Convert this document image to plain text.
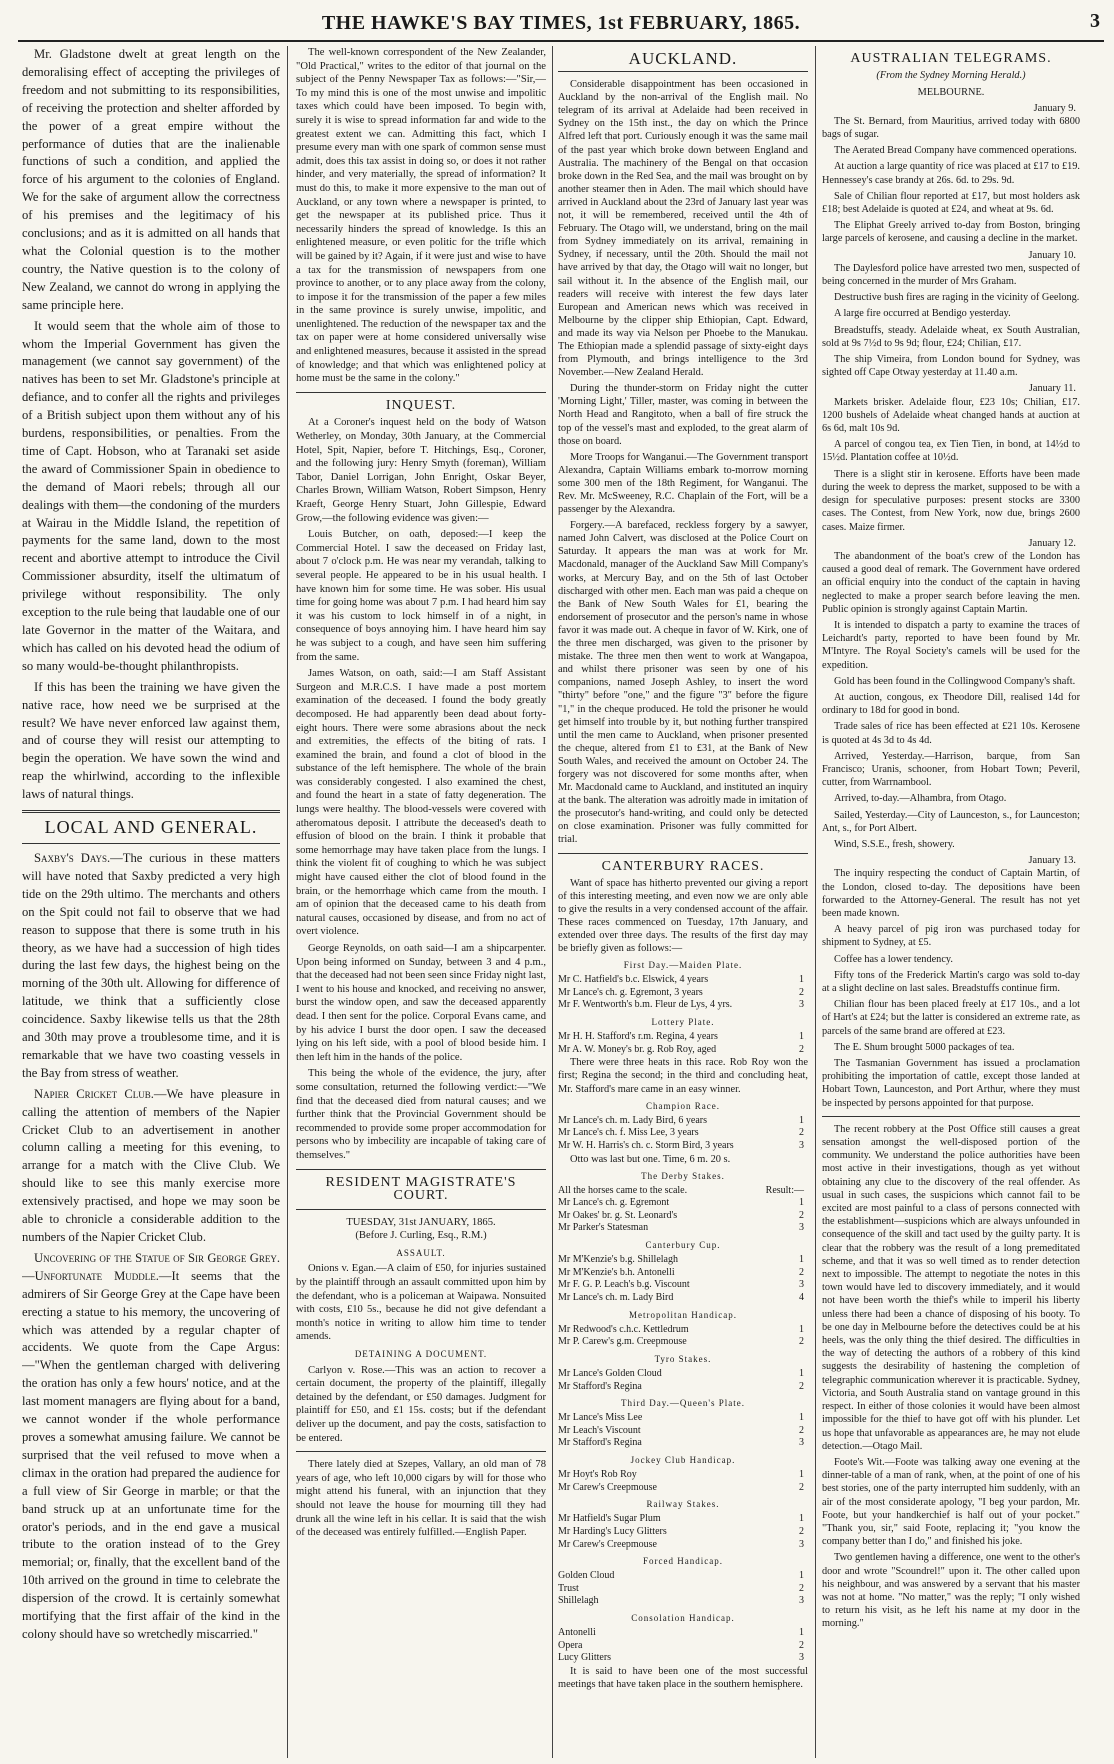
THE HAWKE'S BAY TIMES, 1st FEBRUARY, 1865.	3

Mr. Gladstone dwelt at great length on the demoralising effect of accepting the privileges of freedom and not submitting to its responsibilities, of receiving the protection and shelter afforded by the power of a great empire without the performance of duties that are the inalienable functions of such a condition, and applied the force of his argument to the colonies of England. We for the sake of argument allow the correctness of his premises and the legitimacy of his conclusions; and as it is admitted on all hands that what the Colonial question is to the mother country, the Native question is to the colony of New Zealand, we cannot do wrong in applying the same principle here.

It would seem that the whole aim of those to whom the Imperial Government has given the management (we cannot say government) of the natives has been to set Mr. Gladstone's principle at defiance, and to confer all the rights and privileges of a British subject upon them without any of his burdens, responsibilities, or penalties. From the time of Capt. Hobson, who at Taranaki set aside the award of Commissioner Spain in obedience to the demand of Maori rebels; through all our dealings with them—the condoning of the murders at Wairau in the Middle Island, the repetition of payments for the same land, down to the most recent and abortive attempt to introduce the Civil Commissioner absurdity, itself the ultimatum of privilege without responsibility. The only exception to the rule being that laudable one of our late Governor in the matter of the Waitara, and which has called on his devoted head the odium of so many would-be-thought philanthropists.

If this has been the training we have given the native race, how need we be surprised at the result? We have never enforced law against them, and of course they will resist our attempting to begin the operation. We have sown the wind and reap the whirlwind, according to the inflexible laws of natural things.

LOCAL AND GENERAL.

Saxby's Days.—The curious in these matters will have noted that Saxby predicted a very high tide on the 29th ultimo. The merchants and others on the Spit could not fail to observe that we had reason to suppose that there is some truth in his theory, as we have had a succession of high tides during the last few days, the highest being on the morning of the 30th ult. Allowing for difference of latitude, we think that a sufficiently close coincidence. Saxby likewise tells us that the 28th and 30th may prove a troublesome time, and it is remarkable that we have two coasting vessels in the Bay from stress of weather.

Napier Cricket Club.—We have pleasure in calling the attention of members of the Napier Cricket Club to an advertisement in another column calling a meeting for this evening, to arrange for a match with the Clive Club. We should like to see this manly exercise more extensively practised, and hope we may soon be able to chronicle a considerable addition to the numbers of the Napier Cricket Club.

Uncovering of the Statue of Sir George Grey.—Unfortunate Muddle.—It seems that the admirers of Sir George Grey at the Cape have been erecting a statue to his memory, the uncovering of which was attended by a regular chapter of accidents. We quote from the Cape Argus:—"When the gentleman charged with delivering the oration has only a few hours' notice, and at the last moment managers are flying about for a band, we cannot wonder if the whole performance proves a somewhat amusing failure. We cannot be surprised that the veil refused to move when a climax in the oration had prepared the audience for a full view of Sir George in marble; or that the band struck up at an unfortunate time for the orator's periods, and in the end gave a musical tribute to the oration instead of to the Grey memorial; or, finally, that the excellent band of the 10th arrived on the ground in time to celebrate the dispersion of the crowd. It is certainly somewhat mortifying that the first affair of the kind in the colony should have so wretchedly miscarried."

The well-known correspondent of the New Zealander, "Old Practical," writes to the editor of that journal on the subject of the Penny Newspaper Tax as follows:—"Sir,—To my mind this is one of the most unwise and impolitic taxes which could have been imposed. To begin with, surely it is wise to spread information far and wide to the greatest extent we can. Admitting this fact, which I presume every man with one spark of common sense must admit, does this tax assist in doing so, or does it not rather hinder, and very materially, the spread of information? It must do this, to make it more expensive to the man out of Auckland, or any town where a newspaper is printed, to get the newspaper at its published price. Thus it necessarily hinders the spread of knowledge. Is this an enlightened measure, or even politic for the trifle which will be gained by it? Again, if it were just and wise to have a tax for the transmission of newspapers from one province to another, or to any place away from the colony, to impose it for the transmission of the paper a few miles in the same province is surely unwise, impolitic, and unenlightened. The reduction of the newspaper tax and the tax on paper were at home considered universally wise and enlightened measures, because it assisted in the spread of knowledge; and that which was enlightened policy at home must be the same in the colony."

INQUEST.

At a Coroner's inquest held on the body of Watson Wetherley, on Monday, 30th January, at the Commercial Hotel, Spit, Napier, before T. Hitchings, Esq., Coroner, and the following jury: Henry Smyth (foreman), William Tabor, Daniel Lorrigan, John Enright, Oskar Beyer, Charles Brown, William Watson, Robert Simpson, Henry Kraeft, George Henry Stuart, John Gillespie, Edward Grow,—the following evidence was given:—

Louis Butcher, on oath, deposed:—I keep the Commercial Hotel. I saw the deceased on Friday last, about 7 o'clock p.m. He was near my verandah, talking to several people. He appeared to be in his usual health. I have known him for some time. He was sober. His usual time for going home was about 7 p.m. I had heard him say it was his custom to lock himself in of a night, in consequence of boys annoying him. I have heard him say he was subject to a cough, and have seen him suffering from the same.

James Watson, on oath, said:—I am Staff Assistant Surgeon and M.R.C.S. I have made a post mortem examination of the deceased. I found the body greatly decomposed. He had apparently been dead about forty-eight hours. There were some abrasions about the neck and extremities, the effects of the biting of rats. I examined the brain, and found a clot of blood in the substance of the left hemisphere. The whole of the brain was considerably congested. I also examined the chest, and found the heart in a state of fatty degeneration. The lungs were healthy. The blood-vessels were covered with atheromatous deposit. I attribute the deceased's death to effusion of blood on the brain. I think it probable that some hemorrhage may have taken place from the lungs. I think the violent fit of coughing to which he was subject might have caused either the clot of blood found in the brain, or the hemorrhage which came from the mouth. I am of opinion that the deceased came to his death from natural causes, occasioned by disease, and from no act of overt violence.

George Reynolds, on oath said—I am a shipcarpenter. Upon being informed on Sunday, between 3 and 4 p.m., that the deceased had not been seen since Friday night last, I went to his house and knocked, and receiving no answer, burst the window open, and saw the deceased apparently dead. I then sent for the police. Corporal Evans came, and by his advice I burst the door open. I saw the deceased lying on his left side, with a pool of blood beside him. I then left him in the hands of the police.

This being the whole of the evidence, the jury, after some consultation, returned the following verdict:—"We find that the deceased died from natural causes; and we further think that the Provincial Government should be recommended to provide some proper accommodation for persons who by imbecility are incapable of taking care of themselves."

RESIDENT MAGISTRATE'S COURT.
TUESDAY, 31st JANUARY, 1865.
(Before J. Curling, Esq., R.M.)
ASSAULT.

Onions v. Egan.—A claim of £50, for injuries sustained by the plaintiff through an assault committed upon him by the defendant, who is a policeman at Waipawa. Nonsuited with costs, £10 5s., because he did not give defendant a month's notice in writing to allow him time to tender amends.

DETAINING A DOCUMENT.

Carlyon v. Rose.—This was an action to recover a certain document, the property of the plaintiff, illegally detained by the defendant, or £50 damages. Judgment for plaintiff for £50, and £1 15s. costs; but if the defendant deliver up the document, and pay the costs, satisfaction to be entered.

There lately died at Szepes, Vallary, an old man of 78 years of age, who left 10,000 cigars by will for those who might attend his funeral, with an injunction that they should not leave the house for mourning till they had drunk all the wine left in his cellar. It is said that the wish of the deceased was entirely fulfilled.—English Paper.

AUCKLAND.

Considerable disappointment has been occasioned in Auckland by the non-arrival of the English mail. No telegram of its arrival at Adelaide had been received in Sydney on the 15th inst., the day on which the Prince Alfred left that port. Curiously enough it was the same mail of the past year which broke down between England and Australia. The machinery of the Bengal on that occasion broke down in the Red Sea, and the mail was brought on by another steamer then in Aden. The mail which should have arrived in Auckland about the 23rd of January last year was not, it will be remembered, received until the 4th of February. The Otago will, we understand, bring on the mail from Sydney immediately on its arrival, remaining in Sydney, if necessary, until the 20th. Should the mail not have arrived by that day, the Otago will wait no longer, but sail without it. In the absence of the English mail, our readers will receive with interest the few days later European and American news which was received in Melbourne by the clipper ship Ethiopian, Capt. Edward, and made its way via Nelson per Phoebe to the Manukau. The Ethiopian made a splendid passage of sixty-eight days from Plymouth, and brings intelligence to the 3rd November.—New Zealand Herald.

During the thunder-storm on Friday night the cutter 'Morning Light,' Tiller, master, was coming in between the North Head and Rangitoto, when a ball of fire struck the top of the vessel's mast and exploded, to the great alarm of those on board.

More Troops for Wanganui.—The Government transport Alexandra, Captain Williams embark to-morrow morning some 300 men of the 18th Regiment, for Wanganui. The Rev. Mr. McSweeney, R.C. Chaplain of the Fort, will be a passenger by the Alexandra.

Forgery.—A barefaced, reckless forgery by a sawyer, named John Calvert, was disclosed at the Police Court on Saturday. It appears the man was at work for Mr. Macdonald, manager of the Auckland Saw Mill Company's works, at Mercury Bay, and on the 5th of last October discharged with other men. Each man was paid a cheque on the Bank of New South Wales for £1, bearing the endorsement of prosecutor and the person's name in whose favor it was made out. A cheque in favor of W. Kirk, one of the three men discharged, was given to the prisoner by mistake. The three men then went to work at Wangapoa, and whilst there prisoner was seen by one of his companions, named Joseph Ashley, to insert the word "thirty" before "one," and the figure "3" before the figure "1," in the cheque produced. He told the prisoner he would get himself into trouble by it, but nothing further transpired until the men came to Auckland, when prisoner presented the cheque, altered from £1 to £31, at the Bank of New South Wales, and received the amount on October 24. The forgery was not discovered for some months after, when Mr. Macdonald came to Auckland, and instituted an inquiry at the bank. The alteration was adroitly made in imitation of the prosecutor's hand-writing, and could only be detected on close examination. Prisoner was fully committed for trial.

CANTERBURY RACES.

Want of space has hitherto prevented our giving a report of this interesting meeting, and even now we are only able to give the results in a very condensed account of the affair. These races commenced on Tuesday, 17th January, and extended over three days. The results of the first day may be briefly given as follows:—

First Day.—Maiden Plate.
Mr C. Hatfield's b.c. Elswick, 4 years	1
Mr Lance's ch. g. Egremont, 3 years	2
Mr F. Wentworth's b.m. Fleur de Lys, 4 yrs.	3
Lottery Plate.
Mr H. H. Stafford's r.m. Regina, 4 years	1
Mr A. W. Money's br. g. Rob Roy, aged	2

There were three heats in this race. Rob Roy won the first; Regina the second; in the third and concluding heat, Mr. Stafford's mare came in an easy winner.

Champion Race.
Mr Lance's ch. m. Lady Bird, 6 years	1
Mr Lance's ch. f. Miss Lee, 3 years	2
Mr W. H. Harris's ch. c. Storm Bird, 3 years	3

Otto was last but one. Time, 6 m. 20 s.

The Derby Stakes.
All the horses came to the scale.	Result:—
Mr Lance's ch. g. Egremont	1
Mr Oakes' br. g. St. Leonard's	2
Mr Parker's Statesman	3
Canterbury Cup.
Mr M'Kenzie's b.g. Shillelagh	1
Mr M'Kenzie's b.h. Antonelli	2
Mr F. G. P. Leach's b.g. Viscount	3
Mr Lance's ch. m. Lady Bird	4
Metropolitan Handicap.
Mr Redwood's c.h.c. Kettledrum	1
Mr P. Carew's g.m. Creepmouse	2
Tyro Stakes.
Mr Lance's Golden Cloud	1
Mr Stafford's Regina	2
Third Day.—Queen's Plate.
Mr Lance's Miss Lee	1
Mr Leach's Viscount	2
Mr Stafford's Regina	3
Jockey Club Handicap.
Mr Hoyt's Rob Roy	1
Mr Carew's Creepmouse	2
Railway Stakes.
Mr Hatfield's Sugar Plum	1
Mr Harding's Lucy Glitters	2
Mr Carew's Creepmouse	3
Forced Handicap.
Golden Cloud	1
Trust	2
Shillelagh	3
Consolation Handicap.
Antonelli	1
Opera	2
Lucy Glitters	3

It is said to have been one of the most successful meetings that have taken place in the southern hemisphere.

AUSTRALIAN TELEGRAMS.
(From the Sydney Morning Herald.)
MELBOURNE.
January 9.

The St. Bernard, from Mauritius, arrived today with 6800 bags of sugar.

The Aerated Bread Company have commenced operations.

At auction a large quantity of rice was placed at £17 to £19. Hennessey's case brandy at 26s. 6d. to 29s. 9d.

Sale of Chilian flour reported at £17, but most holders ask £18; best Adelaide is quoted at £24, and wheat at 9s. 6d.

The Eliphat Greely arrived to-day from Boston, bringing large parcels of kerosene, and causing a decline in the market.

January 10.

The Daylesford police have arrested two men, suspected of being concerned in the murder of Mrs Graham.

Destructive bush fires are raging in the vicinity of Geelong.

A large fire occurred at Bendigo yesterday.

Breadstuffs, steady. Adelaide wheat, ex South Australian, sold at 9s 7½d to 9s 9d; flour, £24; Chilian, £17.

The ship Vimeira, from London bound for Sydney, was sighted off Cape Otway yesterday at 11.40 a.m.

January 11.

Markets brisker. Adelaide flour, £23 10s; Chilian, £17. 1200 bushels of Adelaide wheat changed hands at auction at 6s 6d, malt 10s 9d.

A parcel of congou tea, ex Tien Tien, in bond, at 14½d to 15½d. Plantation coffee at 10½d.

There is a slight stir in kerosene. Efforts have been made during the week to depress the market, supposed to be with a design for speculative purposes: present stocks are 3300 cases. The Contest, from New York, now due, brings 2600 cases. Maize firmer.

January 12.

The abandonment of the boat's crew of the London has caused a good deal of remark. The Government have ordered an official enquiry into the conduct of the captain in having neglected to make a proper search before leaving the men. Public opinion is strongly against Captain Martin.

It is intended to dispatch a party to examine the traces of Leichardt's party, reported to have been found by Mr. M'Intyre. The Royal Society's camels will be used for the expedition.

Gold has been found in the Collingwood Company's shaft.

At auction, congous, ex Theodore Dill, realised 14d for ordinary to 18d for good in bond.

Trade sales of rice has been effected at £21 10s. Kerosene is quoted at 4s 3d to 4s 4d.

Arrived, Yesterday.—Harrison, barque, from San Francisco; Uranis, schooner, from Hobart Town; Peveril, cutter, from Warrnambool.

Arrived, to-day.—Alhambra, from Otago.

Sailed, Yesterday.—City of Launceston, s., for Launceston; Ant, s., for Port Albert.

Wind, S.S.E., fresh, showery.

January 13.

The inquiry respecting the conduct of Captain Martin, of the London, closed to-day. The depositions have been forwarded to the Attorney-General. The result has not yet been made known.

A heavy parcel of pig iron was purchased today for shipment to Sydney, at £5.

Coffee has a lower tendency.

Fifty tons of the Frederick Martin's cargo was sold to-day at a slight decline on last sales. Breadstuffs continue firm.

Chilian flour has been placed freely at £17 10s., and a lot of Hart's at £24; but the latter is considered an extreme rate, as parcels of the same brand are offered at £23.

The E. Shum brought 5000 packages of tea.

The Tasmanian Government has issued a proclamation prohibiting the importation of cattle, except those landed at Hobart Town, Launceston, and Port Arthur, where they must be inspected by persons appointed for that purpose.

The recent robbery at the Post Office still causes a great sensation amongst the well-disposed portion of the community. We understand the police authorities have been most active in their investigations, though as yet without obtaining any clue to the discovery of the real offender. As usual in such cases, the suspicions which cannot fail to be excited are most painful to a class of persons connected with the establishment—suspicions which are always unfounded in consequence of the skill and tact used by the guilty party. It is clear that the robbery was the result of a long premeditated scheme, and that it was so well timed as to render detection next to impossible. The attempt to negotiate the notes in this town would have led to discovery immediately, and it would not have been worth the thief's while to imperil his liberty unless there had been a chance of disposing of his booty. To be one day in Melbourne before the detectives could be at his heels, was the only thing the thief desired. The difficulties in the way of detecting the authors of a robbery of this kind suggests the desirability of hastening the completion of telegraphic communication wherever it is practicable. Sydney, Victoria, and South Australia stand on vantage ground in this respect. In either of those colonies it would have been almost impossible for the thief to have got off with his plunder. Let us hope that unfavorable as appearances are, he may not elude detection.—Otago Mail.

Foote's Wit.—Foote was talking away one evening at the dinner-table of a man of rank, when, at the point of one of his best stories, one of the party interrupted him suddenly, with an air of the most considerate apology, "I beg your pardon, Mr. Foote, but your handkerchief is half out of your pocket." "Thank you, sir," said Foote, replacing it; "you know the company better than I do," and finished his joke.

Two gentlemen having a difference, one went to the other's door and wrote "Scoundrel!" upon it. The other called upon his neighbour, and was answered by a servant that his master was not at home. "No matter," was the reply; "I only wished to return his visit, as he left his name at my door in the morning."
